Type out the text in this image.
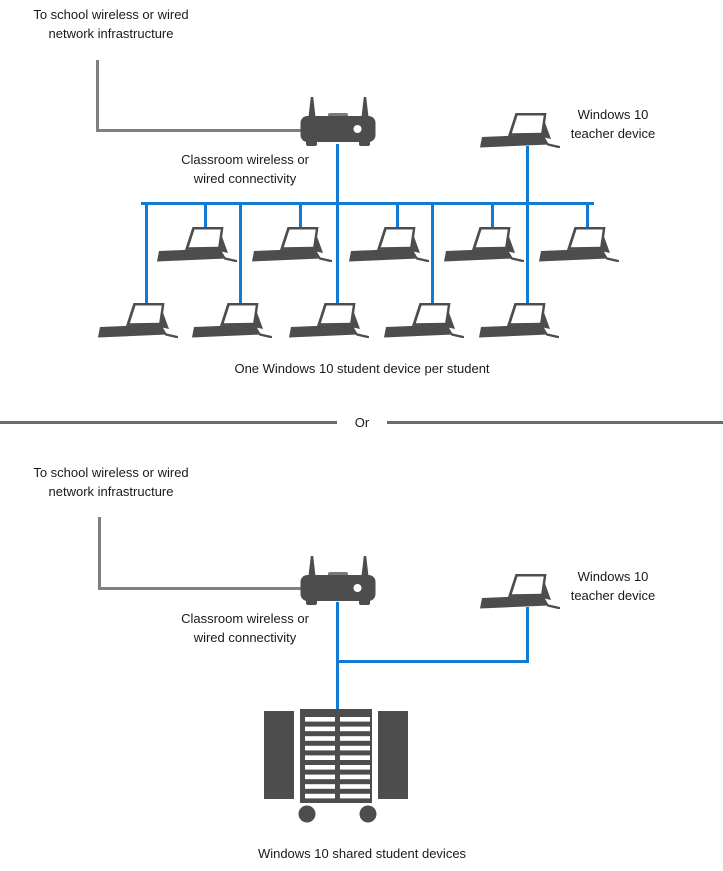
To school wireless or wired
network infrastructure
Classroom wireless or
wired connectivity
Windows 10
teacher device
One Windows 10 student device per student
Or
To school wireless or wired
network infrastructure
Classroom wireless or
wired connectivity
Windows 10
teacher device
Windows 10 shared student devices
